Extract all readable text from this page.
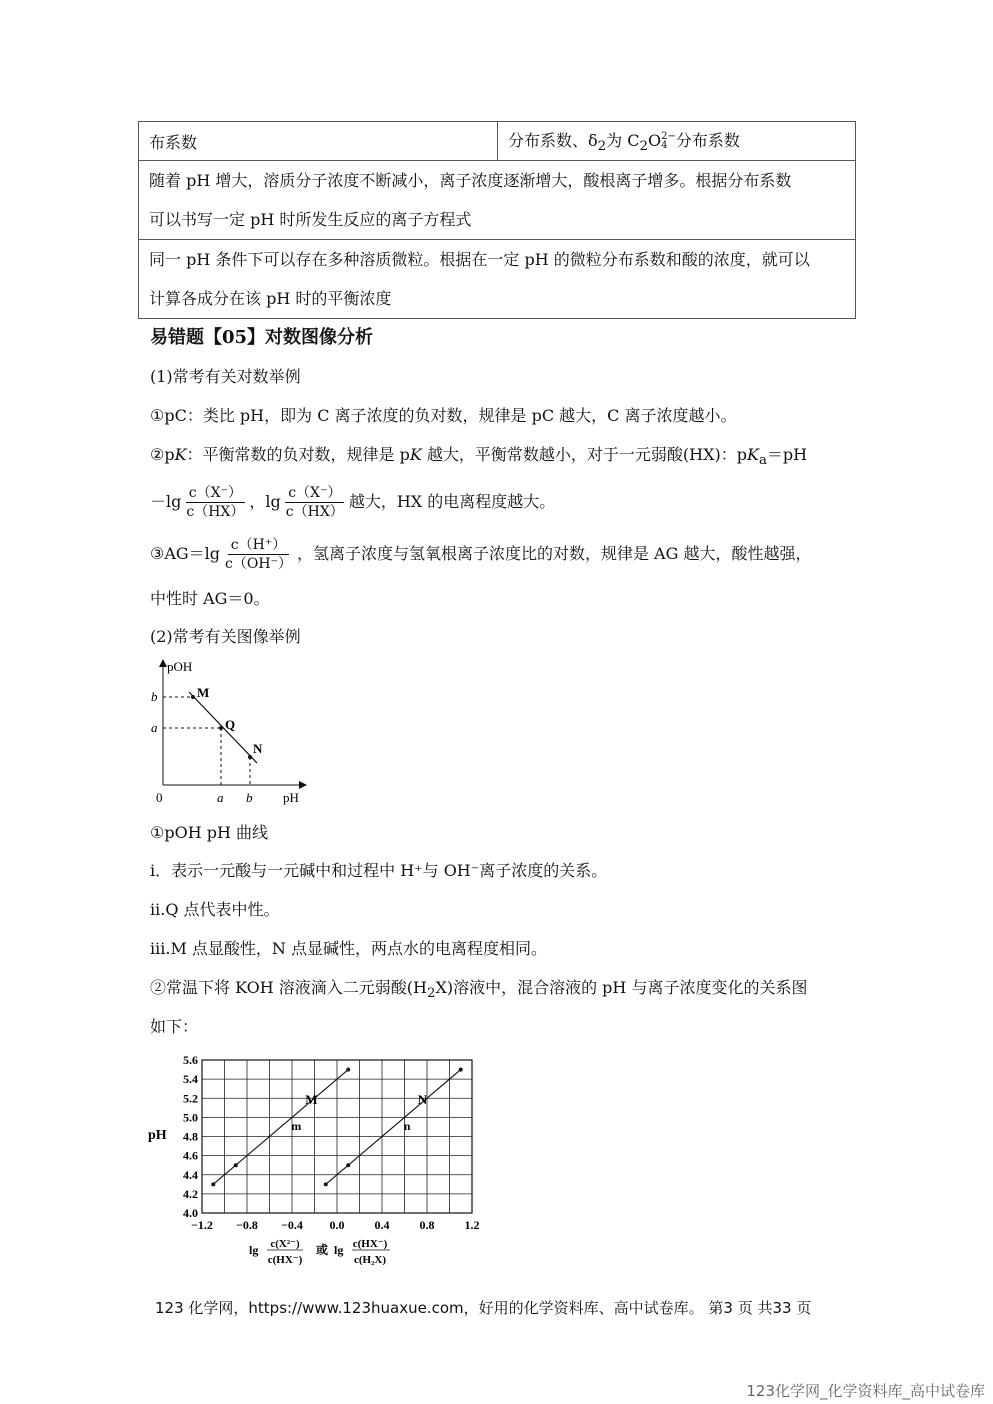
布系数	分布系数、$\delta_2$为 $C_2O$ 2−
4 分布系数

随着 pH 增大，溶质分子浓度不断减小，离子浓度逐渐增大，酸根离子增多。根据分布系数
可以书写一定 pH 时所发生反应的离子方程式

同一 pH 条件下可以存在多种溶质微粒。根据在一定 pH 的微粒分布系数和酸的浓度，就可以
计算各成分在该 pH 时的平衡浓度
易错题【05】对数图像分析
(1)常考有关对数举例
①pC：类比 pH，即为 C 离子浓度的负对数，规律是 pC 越大，C 离子浓度越小。
②pK：平衡常数的负对数，规律是 pK 越大，平衡常数越小，对于一元弱酸(HX)：$pK_a=pH$
$-\lg \frac{c(X^-)}{c(HX)}$ ，$\lg \frac{c(X^-)}{c(HX)}$ 越大，HX 的电离程度越大。
③AG＝lg $\frac{c(H^+)}{c(OH^-)}$ ，氢离子浓度与氢氧根离子浓度比的对数，规律是 AG 越大，酸性越强，
中性时 AG＝0。
(2)常考有关图像举例
pOH
pH
0
b
a
a b
M
Q
N
①pOH pH 曲线
i．表示一元酸与一元碱中和过程中 H⁺与 OH⁻离子浓度的关系。
ii.Q 点代表中性。
iii.M 点显酸性，N 点显碱性，两点水的电离程度相同。
②常温下将 KOH 溶液滴入二元弱酸$(H_2X)$溶液中，混合溶液的 pH 与离子浓度变化的关系图
如下：
M
m
N
n
−1.2 −0.8 −0.4 0.0	0.4	0.8	1.2
4.0
4.2
4.4
4.6
4.8
5.0
5.2
5.4
5.6
pH
lg c(X²⁻)
c(HX⁻)
或 lg c(HX⁻)
c(H₂X)
123 化学网，https://www.123huaxue.com，好用的化学资料库、高中试卷库。 第3 页 共33 页
123化学网_化学资料库_高中试卷库
